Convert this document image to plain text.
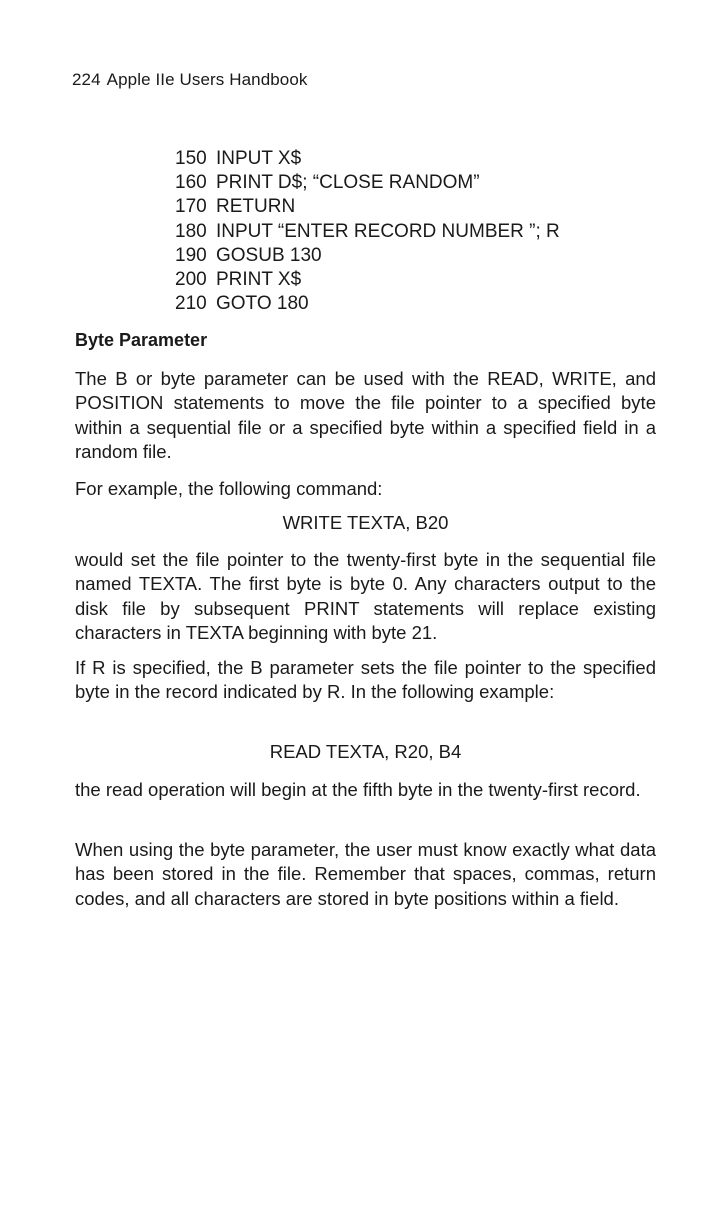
224 Apple IIe Users Handbook
150 INPUT X$
160 PRINT D$; “CLOSE RANDOM”
170 RETURN
180 INPUT “ENTER RECORD NUMBER ”; R
190 GOSUB 130
200 PRINT X$
210 GOTO 180
Byte Parameter

The B or byte parameter can be used with the READ, WRITE, and POSITION statements to move the file pointer to a specified byte within a sequential file or a specified byte within a specified field in a random file.

For example, the following command:

WRITE TEXTA, B20

would set the file pointer to the twenty-first byte in the sequential file named TEXTA. The first byte is byte 0. Any characters output to the disk file by subsequent PRINT statements will replace existing characters in TEXTA beginning with byte 21.

If R is specified, the B parameter sets the file pointer to the specified byte in the record indicated by R. In the following example:

READ TEXTA, R20, B4

the read operation will begin at the fifth byte in the twenty-first record.

When using the byte parameter, the user must know exactly what data has been stored in the file. Remember that spaces, commas, return codes, and all characters are stored in byte positions within a field.
